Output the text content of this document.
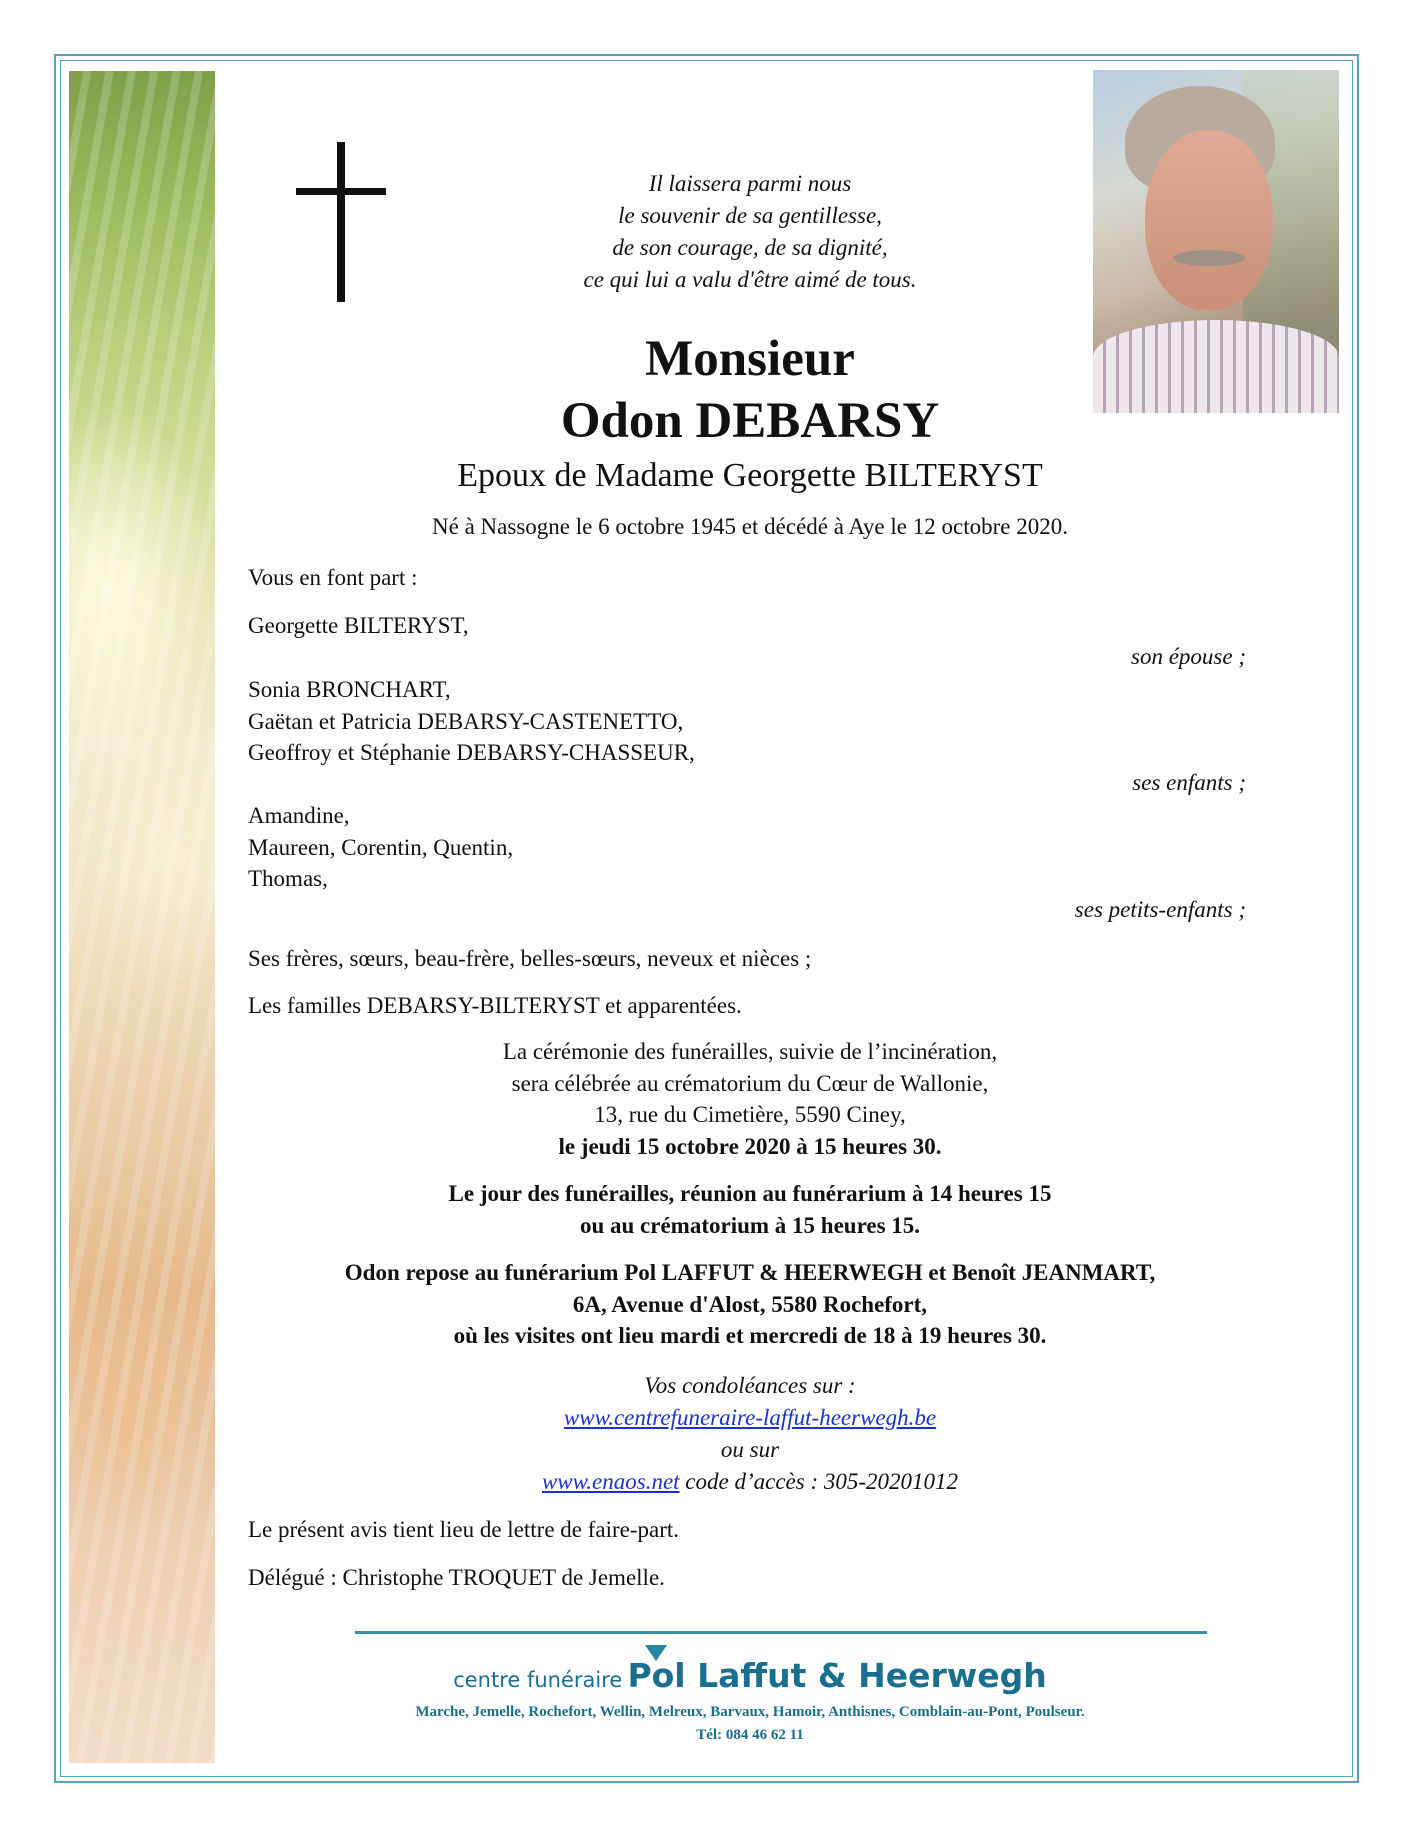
Il laissera parmi nous
le souvenir de sa gentillesse,
de son courage, de sa dignité,
ce qui lui a valu d'être aimé de tous.
Monsieur
Odon DEBARSY
Epoux de Madame Georgette BILTERYST
Né à Nassogne le 6 octobre 1945 et décédé à Aye le 12 octobre 2020.
Vous en font part :
Georgette BILTERYST,
son épouse ;
Sonia BRONCHART,
Gaëtan et Patricia DEBARSY-CASTENETTO,
Geoffroy et Stéphanie DEBARSY-CHASSEUR,
ses enfants ;
Amandine,
Maureen, Corentin, Quentin,
Thomas,
ses petits-enfants ;
Ses frères, sœurs, beau-frère, belles-sœurs, neveux et nièces ;
Les familles DEBARSY-BILTERYST et apparentées.
La cérémonie des funérailles, suivie de l’incinération,
sera célébrée au crématorium du Cœur de Wallonie,
13, rue du Cimetière, 5590 Ciney,
le jeudi 15 octobre 2020 à 15 heures 30.
Le jour des funérailles, réunion au funérarium à 14 heures 15
ou au crématorium à 15 heures 15.
Odon repose au funérarium Pol LAFFUT & HEERWEGH et Benoît JEANMART,
6A, Avenue d'Alost, 5580 Rochefort,
où les visites ont lieu mardi et mercredi de 18 à 19 heures 30.
Vos condoléances sur :
www.centrefuneraire-laffut-heerwegh.be
ou sur
www.enaos.net code d’accès : 305-20201012
Le présent avis tient lieu de lettre de faire-part.
Délégué : Christophe TROQUET de Jemelle.
centre funéraire Pol Laffut & Heerwegh
Marche, Jemelle, Rochefort, Wellin, Melreux, Barvaux, Hamoir, Anthisnes, Comblain-au-Pont, Poulseur.
Tél: 084 46 62 11
